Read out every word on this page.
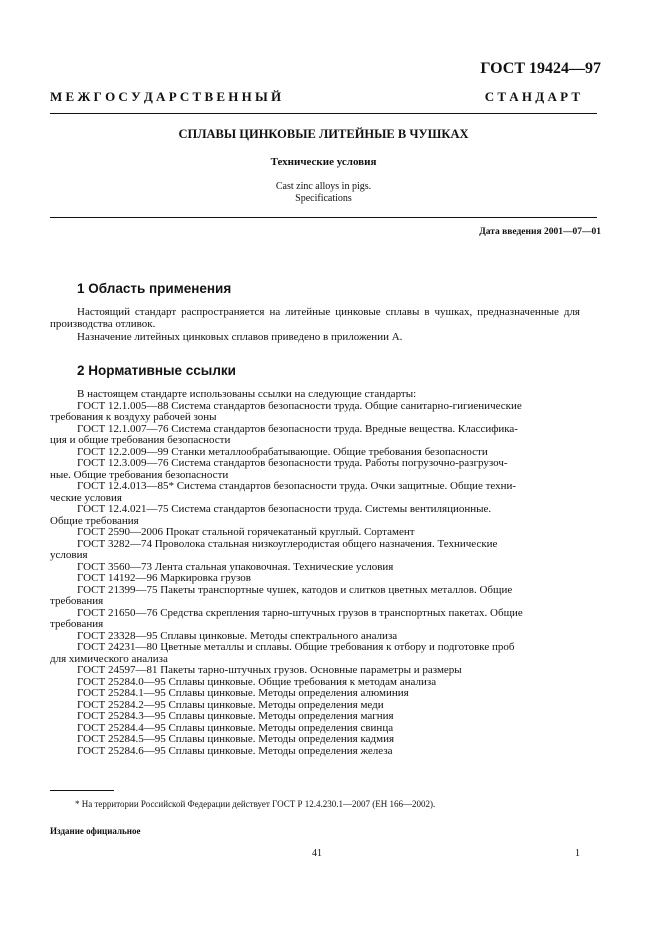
ГОСТ 19424—97
М Е Ж Г О С У Д А Р С Т В Е Н Н Ы Й	С Т А Н Д А Р Т
СПЛАВЫ ЦИНКОВЫЕ ЛИТЕЙНЫЕ В ЧУШКАХ
Технические условия
Cast zinc alloys in pigs.
Specifications
Дата введения 2001—07—01
1 Область применения

Настоящий стандарт распространяется на литейные цинковые сплавы в чушках, предназначенные для производства отливок.

Назначение литейных цинковых сплавов приведено в приложении А.

2 Нормативные ссылки
В настоящем стандарте использованы ссылки на следующие стандарты:
ГОСТ 12.1.005—88 Система стандартов безопасности труда. Общие санитарно-гигиенические
требования к воздуху рабочей зоны
ГОСТ 12.1.007—76 Система стандартов безопасности труда. Вредные вещества. Классифика-
ция и общие требования безопасности
ГОСТ 12.2.009—99 Станки металлообрабатывающие. Общие требования безопасности
ГОСТ 12.3.009—76 Система стандартов безопасности труда. Работы погрузочно-разгрузоч-
ные. Общие требования безопасности
ГОСТ 12.4.013—85* Система стандартов безопасности труда. Очки защитные. Общие техни-
ческие условия
ГОСТ 12.4.021—75 Система стандартов безопасности труда. Системы вентиляционные.
Общие требования
ГОСТ 2590—2006 Прокат стальной горячекатаный круглый. Сортамент
ГОСТ 3282—74 Проволока стальная низкоуглеродистая общего назначения. Технические
условия
ГОСТ 3560—73 Лента стальная упаковочная. Технические условия
ГОСТ 14192—96 Маркировка грузов
ГОСТ 21399—75 Пакеты транспортные чушек, катодов и слитков цветных металлов. Общие
требования
ГОСТ 21650—76 Средства скрепления тарно-штучных грузов в транспортных пакетах. Общие
требования
ГОСТ 23328—95 Сплавы цинковые. Методы спектрального анализа
ГОСТ 24231—80 Цветные металлы и сплавы. Общие требования к отбору и подготовке проб
для химического анализа
ГОСТ 24597—81 Пакеты тарно-штучных грузов. Основные параметры и размеры
ГОСТ 25284.0—95 Сплавы цинковые. Общие требования к методам анализа
ГОСТ 25284.1—95 Сплавы цинковые. Методы определения алюминия
ГОСТ 25284.2—95 Сплавы цинковые. Методы определения меди
ГОСТ 25284.3—95 Сплавы цинковые. Методы определения магния
ГОСТ 25284.4—95 Сплавы цинковые. Методы определения свинца
ГОСТ 25284.5—95 Сплавы цинковые. Методы определения кадмия
ГОСТ 25284.6—95 Сплавы цинковые. Методы определения железа
* На территории Российской Федерации действует ГОСТ Р 12.4.230.1—2007 (ЕН 166—2002).
Издание официальное
41	1
